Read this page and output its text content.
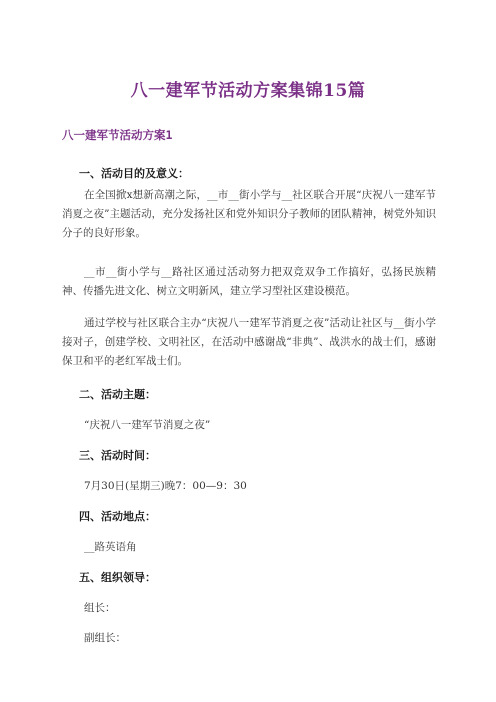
八一建军节活动方案集锦15篇
八一建军节活动方案1
一、活动目的及意义：
在全国掀x想新高潮之际，__市__街小学与__社区联合开展“庆祝八一建军节消夏之夜”主题活动，充分发扬社区和党外知识分子教师的团队精神，树党外知识分子的良好形象。
__市__街小学与__路社区通过活动努力把双竞双争工作搞好，弘扬民族精神、传播先进文化、树立文明新风，建立学习型社区建设模范。
通过学校与社区联合主办“庆祝八一建军节消夏之夜”活动让社区与__街小学接对子，创建学校、文明社区，在活动中感谢战“非典”、战洪水的战士们，感谢保卫和平的老红军战士们。
二、活动主题：
“庆祝八一建军节消夏之夜”
三、活动时间：
7月30日(星期三)晚7：00—9：30
四、活动地点：
__路英语角
五、组织领导：
组长：
副组长：
